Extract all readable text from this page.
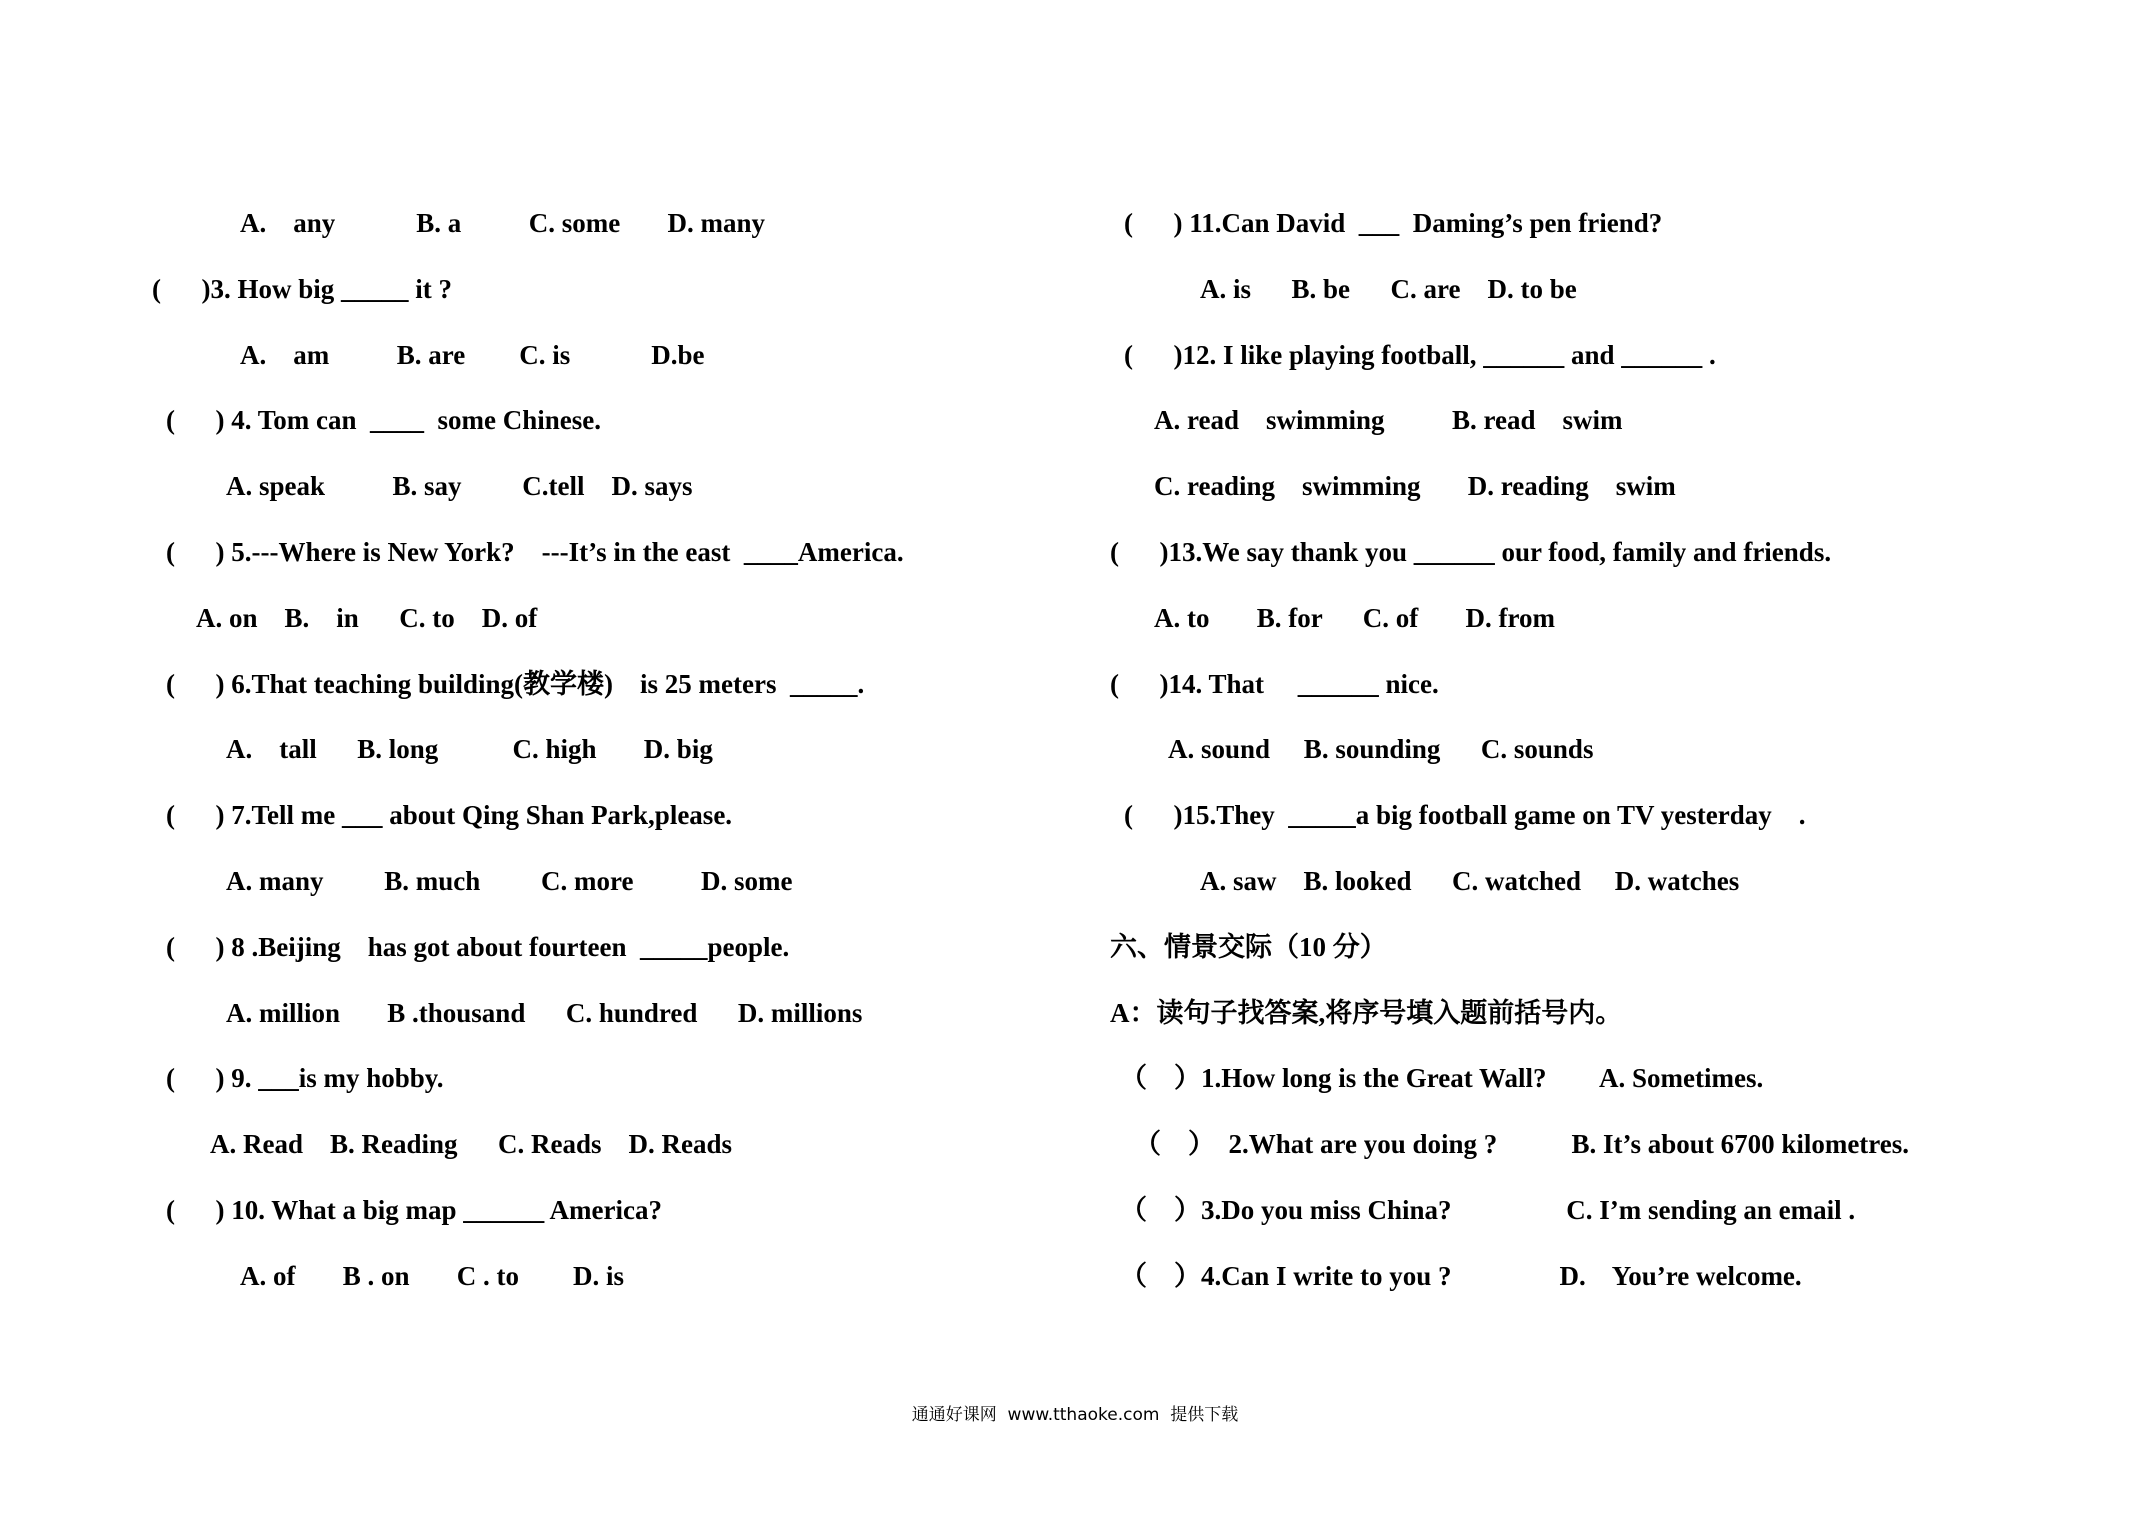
A.    any            B. a          C. some       D. many
(      )3. How big _____ it ?
A.    am          B. are        C. is            D.be
(      ) 4. Tom can  ____  some Chinese.
A. speak          B. say         C.tell    D. says
(      ) 5.---Where is New York?    ---It’s in the east  ____America.
A. on    B.    in      C. to    D. of
(      ) 6.That teaching building(教学楼)    is 25 meters  _____.
A.    tall      B. long           C. high       D. big
(      ) 7.Tell me ___ about Qing Shan Park,please.
A. many         B. much         C. more          D. some
(      ) 8 .Beijing    has got about fourteen  _____people.
A. million       B .thousand      C. hundred      D. millions
(      ) 9. ___is my hobby.
A. Read    B. Reading      C. Reads    D. Reads
(      ) 10. What a big map ______ America?
A. of       B . on       C . to        D. is
(      ) 11.Can David  ___  Daming’s pen friend?
A. is      B. be      C. are    D. to be
(      )12. I like playing football, ______ and ______ .
A. read    swimming          B. read    swim
C. reading    swimming       D. reading    swim
(      )13.We say thank you ______ our food, family and friends.
A. to       B. for      C. of       D. from
(      )14. That     ______ nice.
A. sound     B. sounding      C. sounds
(      )15.They  _____a big football game on TV yesterday    .
A. saw    B. looked      C. watched     D. watches
六、情景交际（10 分）
A：读句子找答案,将序号填入题前括号内。
（    ）1.How long is the Great Wall?        A. Sometimes.
（    ）  2.What are you doing ?           B. It’s about 6700 kilometres.
（    ）3.Do you miss China?                 C. I’m sending an email .
（    ）4.Can I write to you ?                D.    You’re welcome.
通通好课网  www.tthaoke.com  提供下载
